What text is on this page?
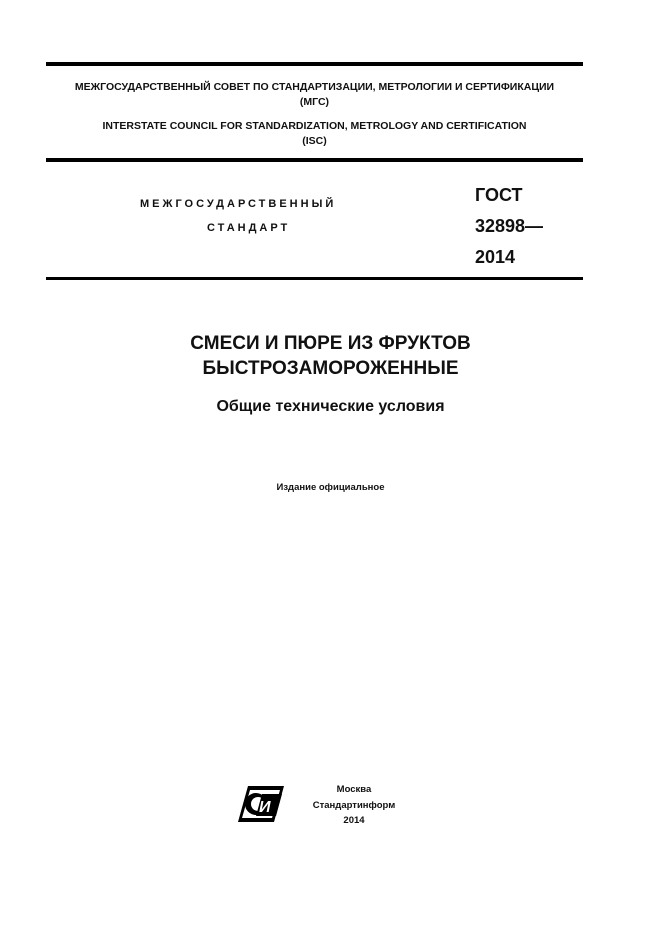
МЕЖГОСУДАРСТВЕННЫЙ СОВЕТ ПО СТАНДАРТИЗАЦИИ, МЕТРОЛОГИИ И СЕРТИФИКАЦИИ
(МГС)
INTERSTATE COUNCIL FOR STANDARDIZATION, METROLOGY AND CERTIFICATION
(ISC)
МЕЖГОСУДАРСТВЕННЫЙ
СТАНДАРТ
ГОСТ
32898—
2014
СМЕСИ И ПЮРЕ ИЗ ФРУКТОВ
БЫСТРОЗАМОРОЖЕННЫЕ
Общие технические условия
Издание официальное
И
Москва
Стандартинформ
2014
